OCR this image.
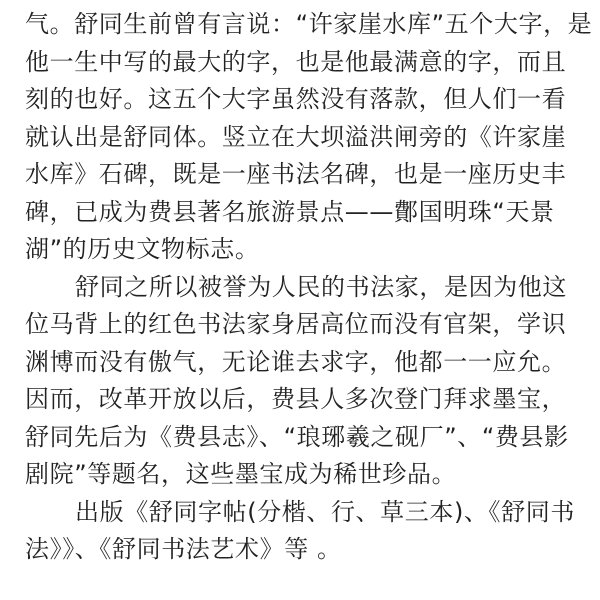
气。舒同生前曾有言说：“许家崖水库”五个大字，是
他一生中写的最大的字，也是他最满意的字，而且
刻的也好。这五个大字虽然没有落款，但人们一看
就认出是舒同体。竖立在大坝溢洪闸旁的《许家崖
水库》石碑，既是一座书法名碑，也是一座历史丰
碑，已成为费县著名旅游景点——鄪国明珠“天景
湖”的历史文物标志。
舒同之所以被誉为人民的书法家，是因为他这
位马背上的红色书法家身居高位而没有官架，学识
渊博而没有傲气，无论谁去求字，他都一一应允。
因而，改革开放以后，费县人多次登门拜求墨宝，
舒同先后为《费县志》、“琅琊羲之砚厂”、“费县影
剧院”等题名，这些墨宝成为稀世珍品。
出版《舒同字帖(分楷、行、草三本)、《舒同书
法》》、《舒同书法艺术》等 。
